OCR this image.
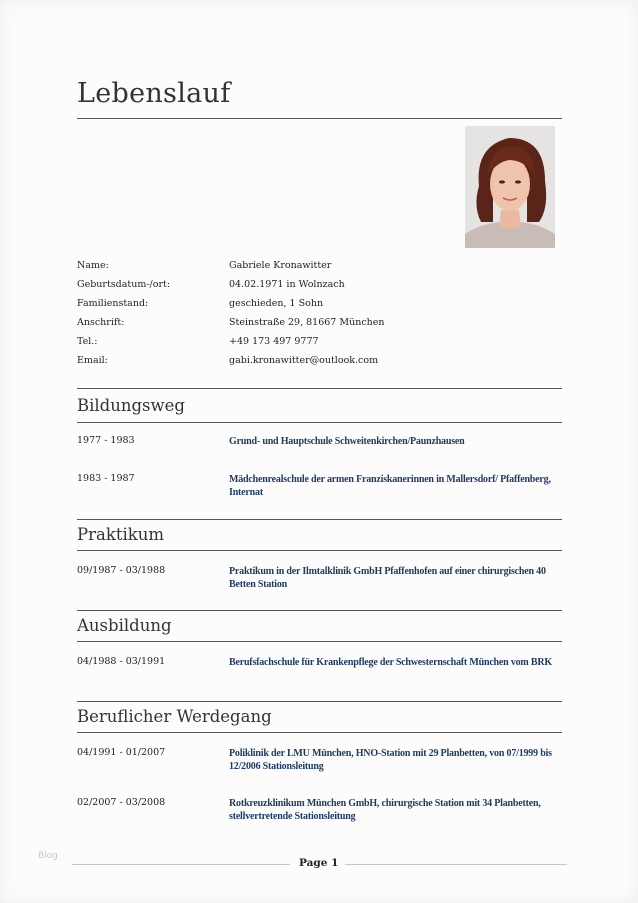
Lebenslauf
Name:	Gabriele Kronawitter
Geburtsdatum-/ort:	04.02.1971 in Wolnzach
Familienstand:	geschieden, 1 Sohn
Anschrift:	Steinstraße 29, 81667 München
Tel.:	+49 173 497 9777
Email:	gabi.kronawitter@outlook.com
Bildungsweg
1977 - 1983	Grund- und Hauptschule Schweitenkirchen/Paunzhausen
1983 - 1987	Mädchenrealschule der armen Franziskanerinnen in Mallersdorf/ Pfaffenberg, Internat
Praktikum
09/1987 - 03/1988	Praktikum in der Ilmtalklinik GmbH Pfaffenhofen auf einer chirurgischen 40 Betten Station
Ausbildung
04/1988 - 03/1991	Berufsfachschule für Krankenpflege der Schwesternschaft München vom BRK
Beruflicher Werdegang
04/1991 - 01/2007	Poliklinik der LMU München, HNO-Station mit 29 Planbetten, von 07/1999 bis 12/2006 Stationsleitung
02/2007 - 03/2008	Rotkreuzklinikum München GmbH, chirurgische Station mit 34 Planbetten, stellvertretende Stationsleitung
Blog
Page 1
